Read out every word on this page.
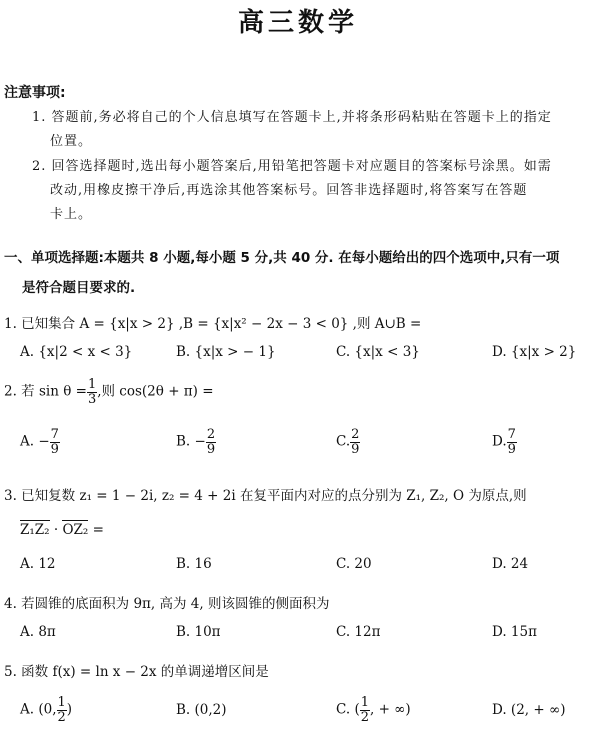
高三数学
注意事项:
1. 答题前,务必将自己的个人信息填写在答题卡上,并将条形码粘贴在答题卡上的指定
位置。
2. 回答选择题时,选出每小题答案后,用铅笔把答题卡对应题目的答案标号涂黑。如需
改动,用橡皮擦干净后,再选涂其他答案标号。回答非选择题时,将答案写在答题
卡上。
一、单项选择题:本题共 8 小题,每小题 5 分,共 40 分. 在每小题给出的四个选项中,只有一项
是符合题目要求的.
1. 已知集合 A = {x|x > 2} ,B = {x|x² − 2x − 3 < 0} ,则 A∪B =
A. {x|2 < x < 3}	B. {x|x > − 1}	C. {x|x < 3}	D. {x|x > 2}
2. 若 $\sin \theta = \frac{1}{3}$ ,则 cos(2θ + π) =
A. − $\frac{7}{9}$	B. − $\frac{2}{9}$	C. $\frac{2}{9}$	D. $\frac{7}{9}$
3. 已知复数 z₁ = 1 − 2i, z₂ = 4 + 2i 在复平面内对应的点分别为 Z₁, Z₂, O 为原点,则
Z₁Z₂ · OZ₂ =
A. 12	B. 16	C. 20	D. 24
4. 若圆锥的底面积为 9π, 高为 4, 则该圆锥的侧面积为
A. 8π	B. 10π	C. 12π	D. 15π
5. 函数 f(x) = ln x − 2x 的单调递增区间是
A. (0, $\frac{1}{2}$ )	B. (0,2)	C. ( $\frac{1}{2}$ , + ∞)	D. (2, + ∞)
